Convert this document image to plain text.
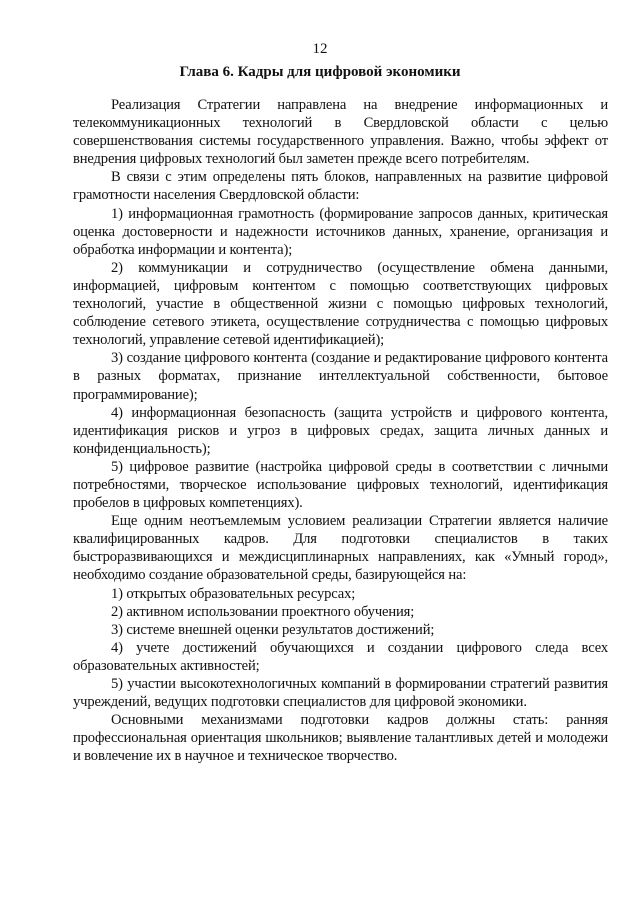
12
Глава 6. Кадры для цифровой экономики

Реализация Стратегии направлена на внедрение информационных и телекоммуникационных технологий в Свердловской области с целью совершенствования системы государственного управления. Важно, чтобы эффект от внедрения цифровых технологий был заметен прежде всего потребителям.

В связи с этим определены пять блоков, направленных на развитие цифровой грамотности населения Свердловской области:

1) информационная грамотность (формирование запросов данных, критическая оценка достоверности и надежности источников данных, хранение, организация и обработка информации и контента);

2) коммуникации и сотрудничество (осуществление обмена данными, информацией, цифровым контентом с помощью соответствующих цифровых технологий, участие в общественной жизни с помощью цифровых технологий, соблюдение сетевого этикета, осуществление сотрудничества с помощью цифровых технологий, управление сетевой идентификацией);

3) создание цифрового контента (создание и редактирование цифрового контента в разных форматах, признание интеллектуальной собственности, бытовое программирование);

4) информационная безопасность (защита устройств и цифрового контента, идентификация рисков и угроз в цифровых средах, защита личных данных и конфиденциальность);

5) цифровое развитие (настройка цифровой среды в соответствии с личными потребностями, творческое использование цифровых технологий, идентификация пробелов в цифровых компетенциях).

Еще одним неотъемлемым условием реализации Стратегии является наличие квалифицированных кадров. Для подготовки специалистов в таких быстроразвивающихся и междисциплинарных направлениях, как «Умный город», необходимо создание образовательной среды, базирующейся на:

1) открытых образовательных ресурсах;

2) активном использовании проектного обучения;

3) системе внешней оценки результатов достижений;

4) учете достижений обучающихся и создании цифрового следа всех образовательных активностей;

5) участии высокотехнологичных компаний в формировании стратегий развития учреждений, ведущих подготовки специалистов для цифровой экономики.

Основными механизмами подготовки кадров должны стать: ранняя профессиональная ориентация школьников; выявление талантливых детей и молодежи и вовлечение их в научное и техническое творчество.
